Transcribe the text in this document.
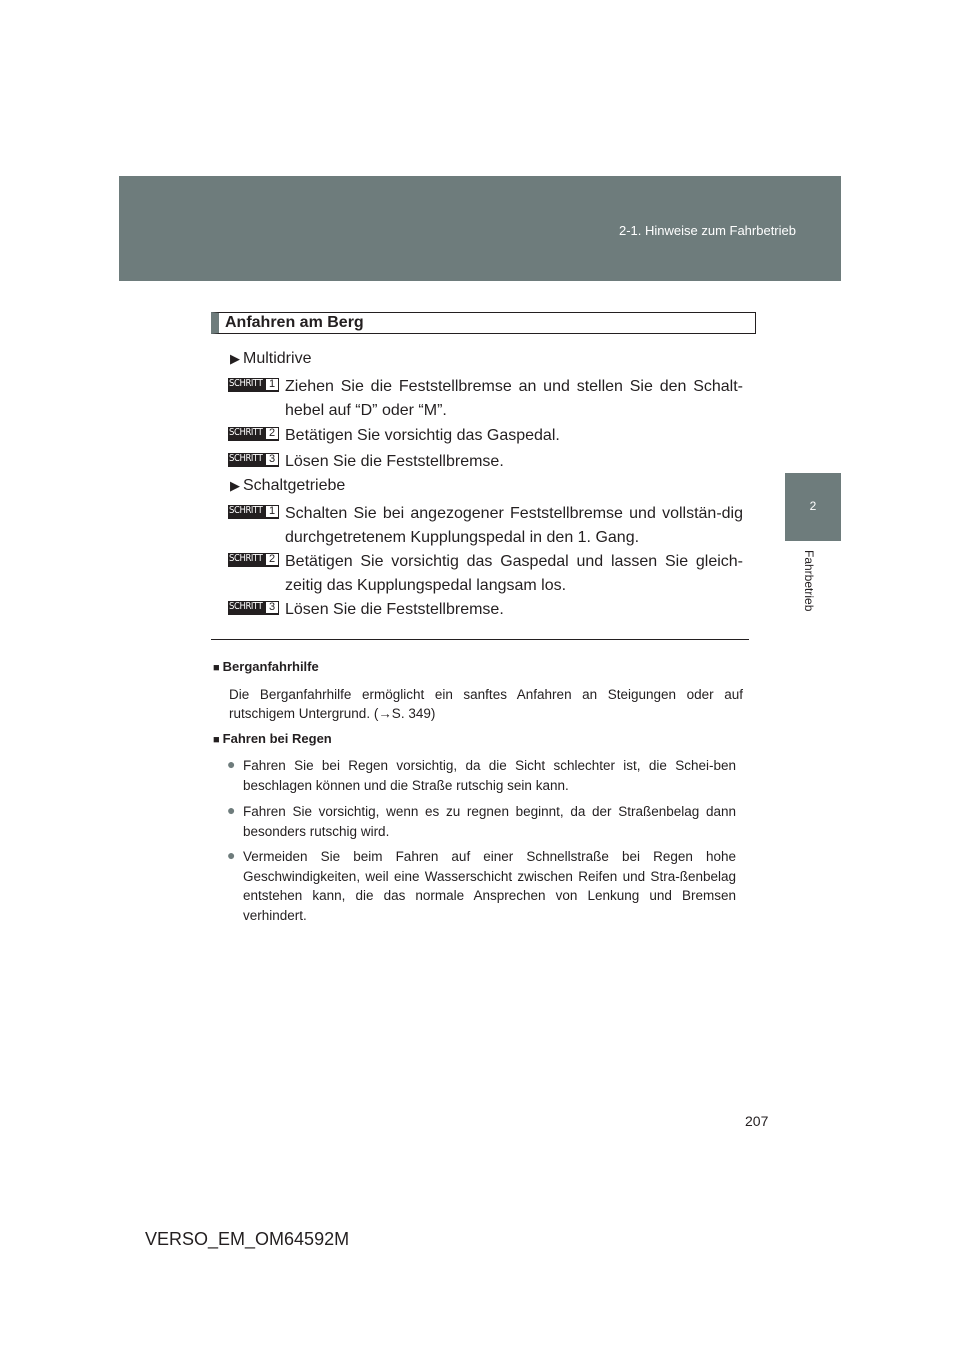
2-1. Hinweise zum Fahrbetrieb
2
Fahrbetrieb
Anfahren am Berg
▶ Multidrive
SCHRITT 1 Ziehen Sie die Feststellbremse an und stellen Sie den Schalt-hebel auf “D” oder “M”.
SCHRITT 2 Betätigen Sie vorsichtig das Gaspedal.
SCHRITT 3 Lösen Sie die Feststellbremse.
▶ Schaltgetriebe
SCHRITT 1 Schalten Sie bei angezogener Feststellbremse und vollstän-dig durchgetretenem Kupplungspedal in den 1. Gang.
SCHRITT 2 Betätigen Sie vorsichtig das Gaspedal und lassen Sie gleich-zeitig das Kupplungspedal langsam los.
SCHRITT 3 Lösen Sie die Feststellbremse.
■ Berganfahrhilfe
Die Berganfahrhilfe ermöglicht ein sanftes Anfahren an Steigungen oder auf rutschigem Untergrund. (→S. 349)
■ Fahren bei Regen
● Fahren Sie bei Regen vorsichtig, da die Sicht schlechter ist, die Schei-ben beschlagen können und die Straße rutschig sein kann.
● Fahren Sie vorsichtig, wenn es zu regnen beginnt, da der Straßenbelag dann besonders rutschig wird.
● Vermeiden Sie beim Fahren auf einer Schnellstraße bei Regen hohe Geschwindigkeiten, weil eine Wasserschicht zwischen Reifen und Stra-ßenbelag entstehen kann, die das normale Ansprechen von Lenkung und Bremsen verhindert.
207
VERSO_EM_OM64592M
